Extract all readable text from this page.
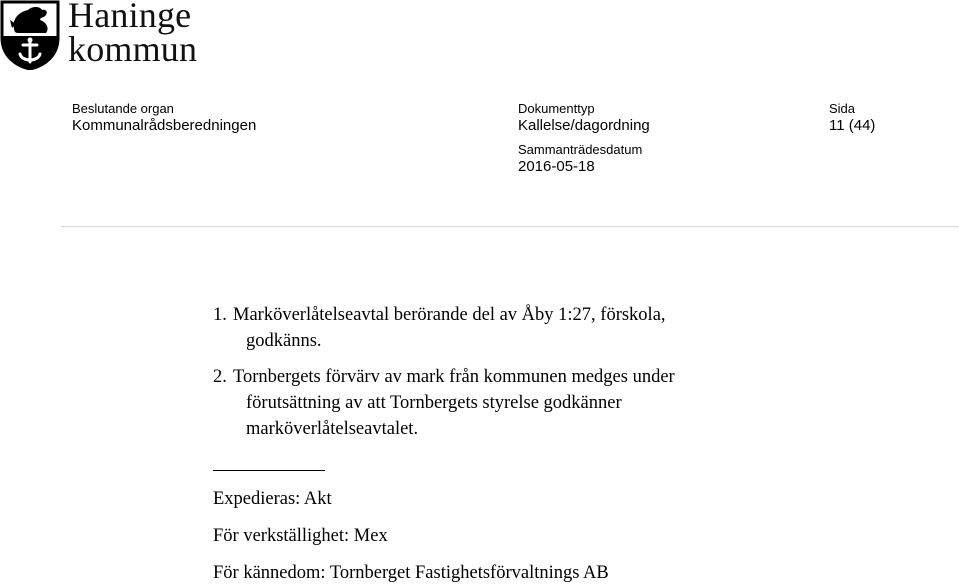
Haninge
kommun
Beslutande organ
Kommunalrådsberedningen
Dokumenttyp
Kallelse/dagordning
Sida
11 (44)
Sammanträdesdatum
2016-05-18
1. Marköverlåtelseavtal berörande del av Åby 1:27, förskola,
godkänns.
2. Tornbergets förvärv av mark från kommunen medges under
förutsättning av att Tornbergets styrelse godkänner
marköverlåtelseavtalet.
Expedieras: Akt
För verkställighet: Mex
För kännedom: Tornberget Fastighetsförvaltnings AB
